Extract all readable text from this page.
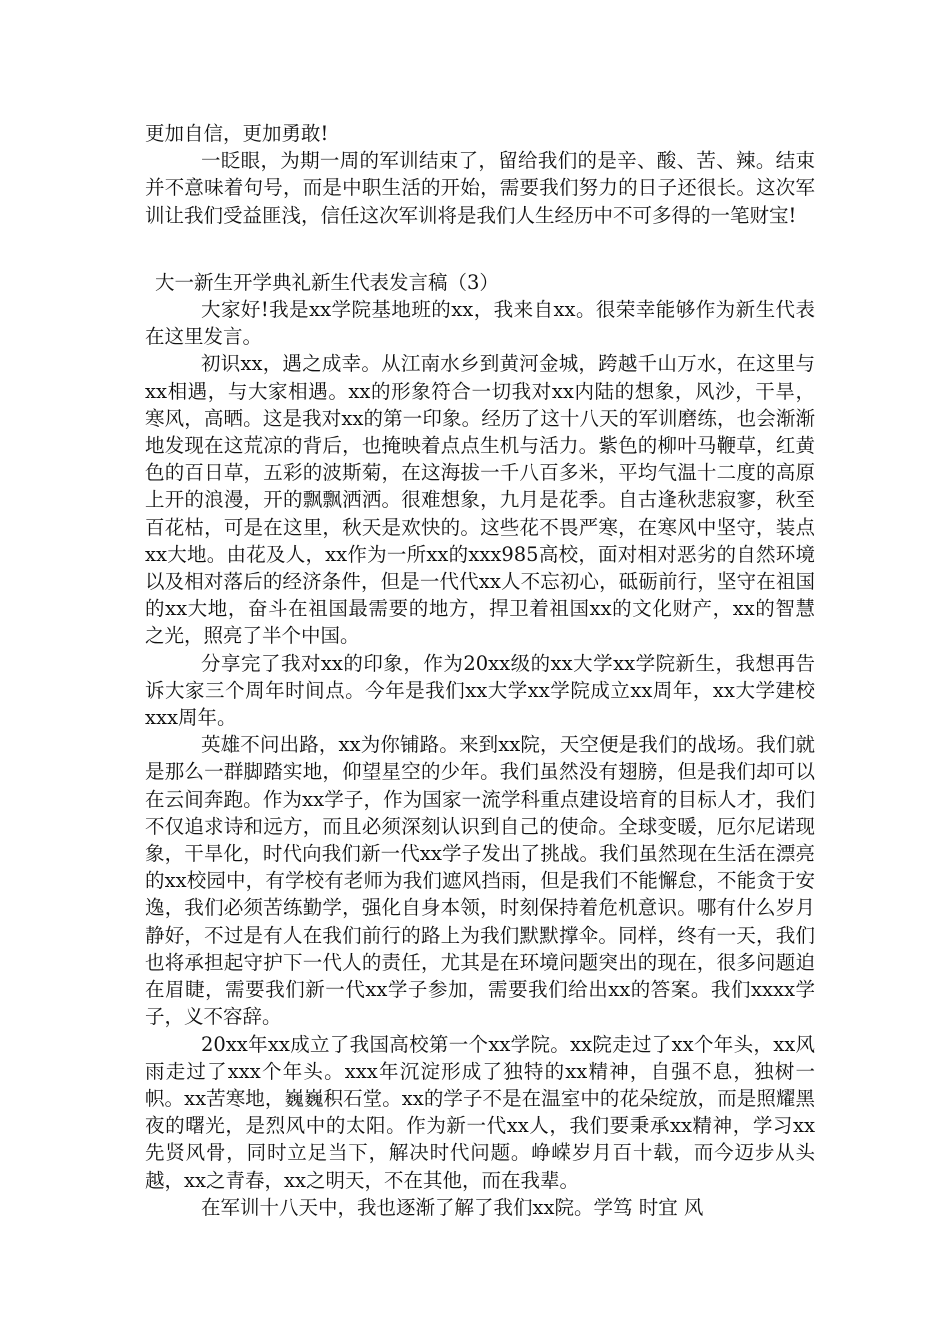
更加自信，更加勇敢!

一眨眼，为期一周的军训结束了，留给我们的是辛、酸、苦、辣。结束并不意味着句号，而是中职生活的开始，需要我们努力的日子还很长。这次军训让我们受益匪浅，信任这次军训将是我们人生经历中不可多得的一笔财宝!

大一新生开学典礼新生代表发言稿（3）

大家好!我是xx学院基地班的xx，我来自xx。很荣幸能够作为新生代表在这里发言。

初识xx，遇之成幸。从江南水乡到黄河金城，跨越千山万水，在这里与xx相遇，与大家相遇。xx的形象符合一切我对xx内陆的想象，风沙，干旱，寒风，高晒。这是我对xx的第一印象。经历了这十八天的军训磨练，也会渐渐地发现在这荒凉的背后，也掩映着点点生机与活力。紫色的柳叶马鞭草，红黄色的百日草，五彩的波斯菊，在这海拔一千八百多米，平均气温十二度的高原上开的浪漫，开的飘飘洒洒。很难想象，九月是花季。自古逢秋悲寂寥，秋至百花枯，可是在这里，秋天是欢快的。这些花不畏严寒，在寒风中坚守，装点xx大地。由花及人，xx作为一所xx的xxx985高校，面对相对恶劣的自然环境以及相对落后的经济条件，但是一代代xx人不忘初心，砥砺前行，坚守在祖国的xx大地，奋斗在祖国最需要的地方，捍卫着祖国xx的文化财产，xx的智慧之光，照亮了半个中国。

分享完了我对xx的印象，作为20xx级的xx大学xx学院新生，我想再告诉大家三个周年时间点。今年是我们xx大学xx学院成立xx周年，xx大学建校xxx周年。

英雄不问出路，xx为你铺路。来到xx院，天空便是我们的战场。我们就是那么一群脚踏实地，仰望星空的少年。我们虽然没有翅膀，但是我们却可以在云间奔跑。作为xx学子，作为国家一流学科重点建设培育的目标人才，我们不仅追求诗和远方，而且必须深刻认识到自己的使命。全球变暖，厄尔尼诺现象，干旱化，时代向我们新一代xx学子发出了挑战。我们虽然现在生活在漂亮的xx校园中，有学校有老师为我们遮风挡雨，但是我们不能懈怠，不能贪于安逸，我们必须苦练勤学，强化自身本领，时刻保持着危机意识。哪有什么岁月静好，不过是有人在我们前行的路上为我们默默撑伞。同样，终有一天，我们也将承担起守护下一代人的责任，尤其是在环境问题突出的现在，很多问题迫在眉睫，需要我们新一代xx学子参加，需要我们给出xx的答案。我们xxxx学子，义不容辞。

20xx年xx成立了我国高校第一个xx学院。xx院走过了xx个年头，xx风雨走过了xxx个年头。xxx年沉淀形成了独特的xx精神，自强不息，独树一帜。xx苦寒地，巍巍积石堂。xx的学子不是在温室中的花朵绽放，而是照耀黑夜的曙光，是烈风中的太阳。作为新一代xx人，我们要秉承xx精神，学习xx先贤风骨，同时立足当下，解决时代问题。峥嵘岁月百十载，而今迈步从头越，xx之青春，xx之明天，不在其他，而在我辈。

在军训十八天中，我也逐渐了解了我们xx院。学笃 时宜 风
